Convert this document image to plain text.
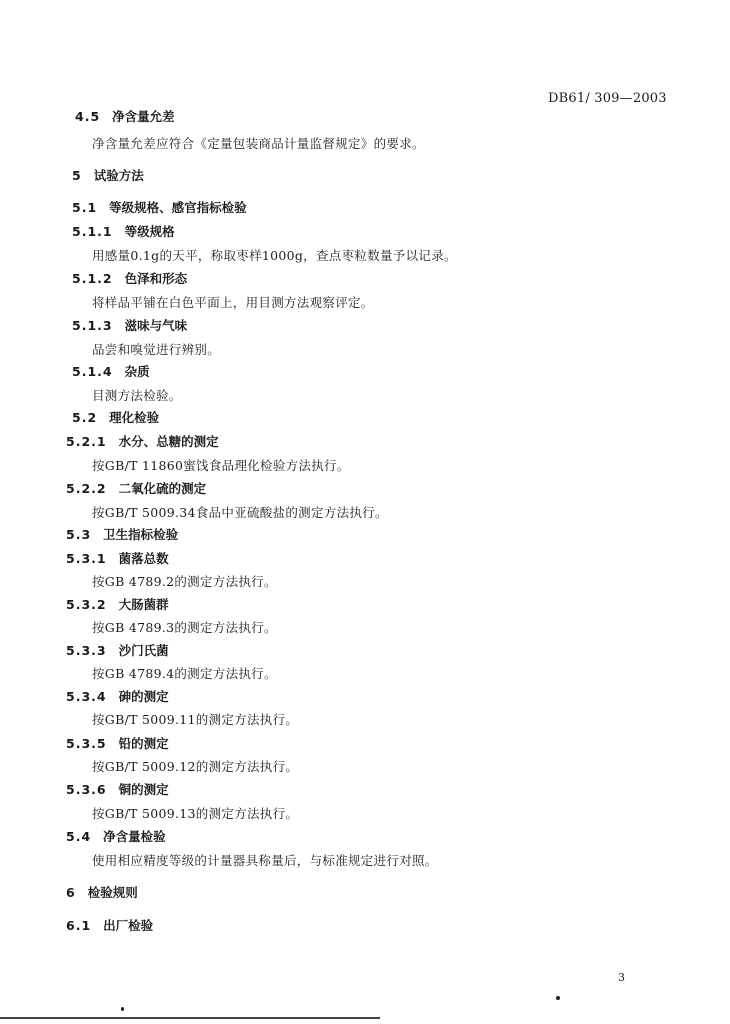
DB61/ 309—2003
4.5 净含量允差
净含量允差应符合《定量包装商品计量监督规定》的要求。
5 试验方法
5.1 等级规格、感官指标检验
5.1.1 等级规格
用感量0.1g的天平，称取枣样1000g，查点枣粒数量予以记录。
5.1.2 色泽和形态
将样品平铺在白色平面上，用目测方法观察评定。
5.1.3 滋味与气味
品尝和嗅觉进行辨别。
5.1.4 杂质
目测方法检验。
5.2 理化检验
5.2.1 水分、总糖的测定
按GB/T 11860蜜饯食品理化检验方法执行。
5.2.2 二氧化硫的测定
按GB/T 5009.34食品中亚硫酸盐的测定方法执行。
5.3 卫生指标检验
5.3.1 菌落总数
按GB 4789.2的测定方法执行。
5.3.2 大肠菌群
按GB 4789.3的测定方法执行。
5.3.3 沙门氏菌
按GB 4789.4的测定方法执行。
5.3.4 砷的测定
按GB/T 5009.11的测定方法执行。
5.3.5 铅的测定
按GB/T 5009.12的测定方法执行。
5.3.6 铜的测定
按GB/T 5009.13的测定方法执行。
5.4 净含量检验
使用相应精度等级的计量器具称量后，与标准规定进行对照。
6 检验规则
6.1 出厂检验
3
